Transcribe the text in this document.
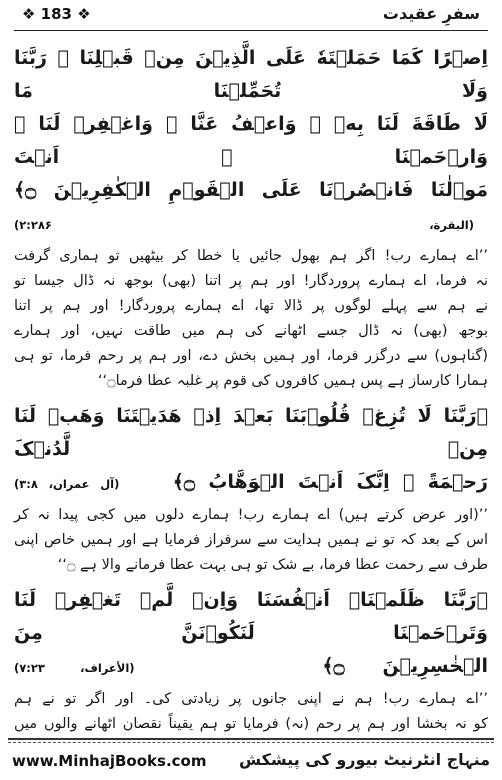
❖ 183 ❖	سفرِ عقیدت
اِصۡرًا کَمَا حَمَلۡتَهٗ عَلَی الَّذِیۡنَ مِنۡ قَبۡلِنَا ۚ رَبَّنَا وَلَا تُحَمِّلۡنَا مَا
لَا طَاقَةَ لَنَا بِهٖ ۚ وَاعۡفُ عَنَّا ۟ وَاغۡفِرۡ لَنَا ۟ وَارۡحَمۡنَا ۟ اَنۡتَ
مَوۡلٰنَا فَانۡصُرۡنَا عَلَی الۡقَوۡمِ الۡکٰفِرِیۡنَ ۝﴾ (البقرة، ۲:۲۸۶)
’’اے ہمارے رب! اگر ہم بھول جائیں یا خطا کر بیٹھیں تو ہماری گرفت
نہ فرما، اے ہمارے پروردگار! اور ہم پر اتنا (بھی) بوجھ نہ ڈال جیسا تو
نے ہم سے پہلے لوگوں پر ڈالا تھا، اے ہمارے پروردگار! اور ہم پر اتنا
بوجھ (بھی) نہ ڈال جسے اٹھانے کی ہم میں طاقت نہیں، اور ہمارے
(گناہوں) سے درگزر فرما، اور ہمیں بخش دے، اور ہم پر رحم فرما، تو ہی
ہمارا کارساز ہے پس ہمیں کافروں کی قوم پر غلبہ عطا فرما۝‘‘
﴿رَبَّنَا لَا تُزِغۡ قُلُوۡبَنَا بَعۡدَ اِذۡ هَدَیۡتَنَا وَهَبۡ لَنَا مِنۡ لَّدُنۡکَ
رَحۡمَةً ۚ اِنَّکَ اَنۡتَ الۡوَهَّابُ ۝﴾ (آل عمران، ۳:۸)
’’(اور عرض کرتے ہیں) اے ہمارے رب! ہمارے دلوں میں کجی پیدا نہ کر
اس کے بعد کہ تو نے ہمیں ہدایت سے سرفراز فرمایا ہے اور ہمیں خاص اپنی
طرف سے رحمت عطا فرما، بے شک تو ہی بہت عطا فرمانے والا ہے ۝‘‘
﴿رَبَّنَا ظَلَمۡنَاۤ اَنۡفُسَنَا وَاِنۡ لَّمۡ تَغۡفِرۡ لَنَا وَتَرۡحَمۡنَا لَنَکُوۡنَنَّ مِنَ
الۡخٰسِرِیۡنَ ۝﴾ (الأعراف، ۷:۲۳)
’’اے ہمارے رب! ہم نے اپنی جانوں پر زیادتی کی۔ اور اگر تو نے ہم
کو نہ بخشا اور ہم پر رحم (نہ) فرمایا تو ہم یقیناً نقصان اٹھانے والوں میں
www.MinhajBooks.com منہاج انٹرنیٹ بیورو کی پیشکش
